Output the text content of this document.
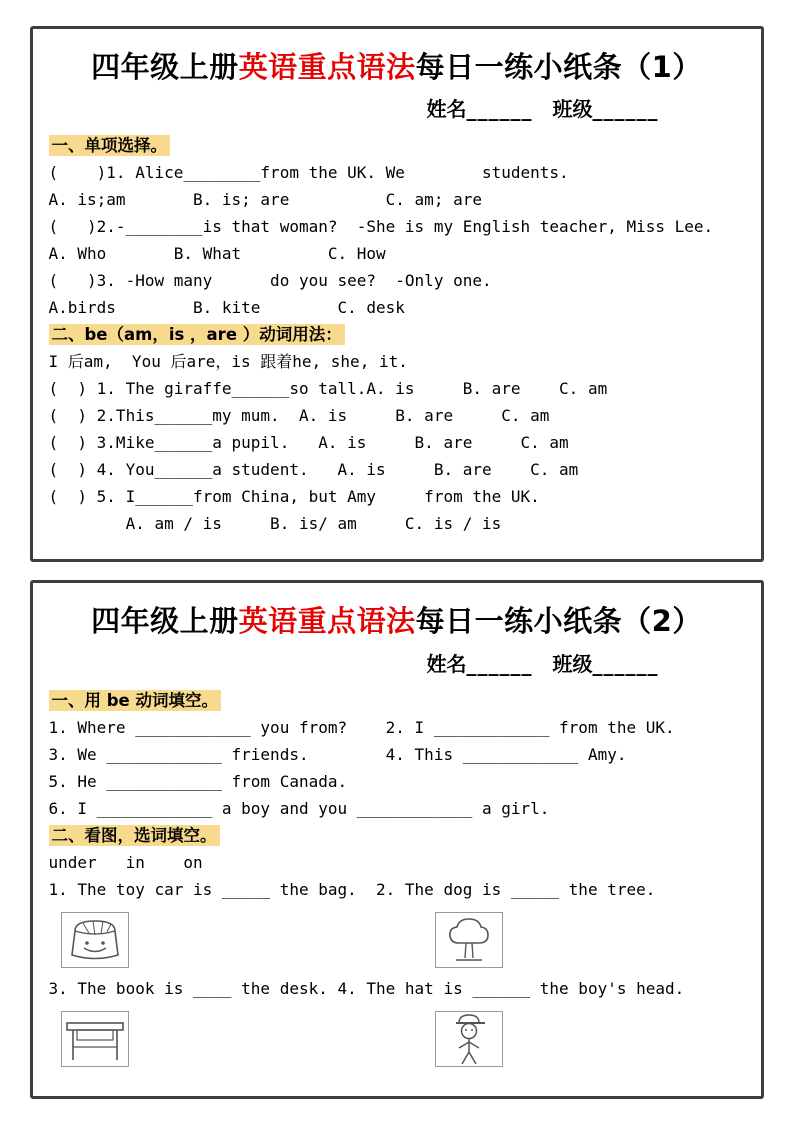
四年级上册英语重点语法每日一练小纸条（1）
姓名______ 班级______
一、单项选择。
(    )1. Alice________from the UK. We        students.
A. is;am       B. is; are          C. am; are
(   )2.-________is that woman?  -She is my English teacher, Miss Lee.
A. Who       B. What         C. How
(   )3. -How many      do you see?  -Only one.
A.birds        B. kite        C. desk
二、be（am，is ，are ）动词用法：
I 后am,  You 后are，is 跟着he, she, it.
(  ) 1. The giraffe______so tall.A. is     B. are    C. am
(  ) 2.This______my mum.  A. is     B. are     C. am
(  ) 3.Mike______a pupil.   A. is     B. are     C. am
(  ) 4. You______a student.   A. is     B. are    C. am
(  ) 5. I______from China, but Amy     from the UK.
A. am / is     B. is/ am     C. is / is
四年级上册英语重点语法每日一练小纸条（2）
姓名______ 班级______
一、用 be 动词填空。
1. Where ____________ you from?    2. I ____________ from the UK.
3. We ____________ friends.        4. This ____________ Amy.
5. He ____________ from Canada.
6. I ____________ a boy and you ____________ a girl.
二、看图，选词填空。
under   in    on
1. The toy car is _____ the bag.  2. The dog is _____ the tree.
3. The book is ____ the desk. 4. The hat is ______ the boy's head.
